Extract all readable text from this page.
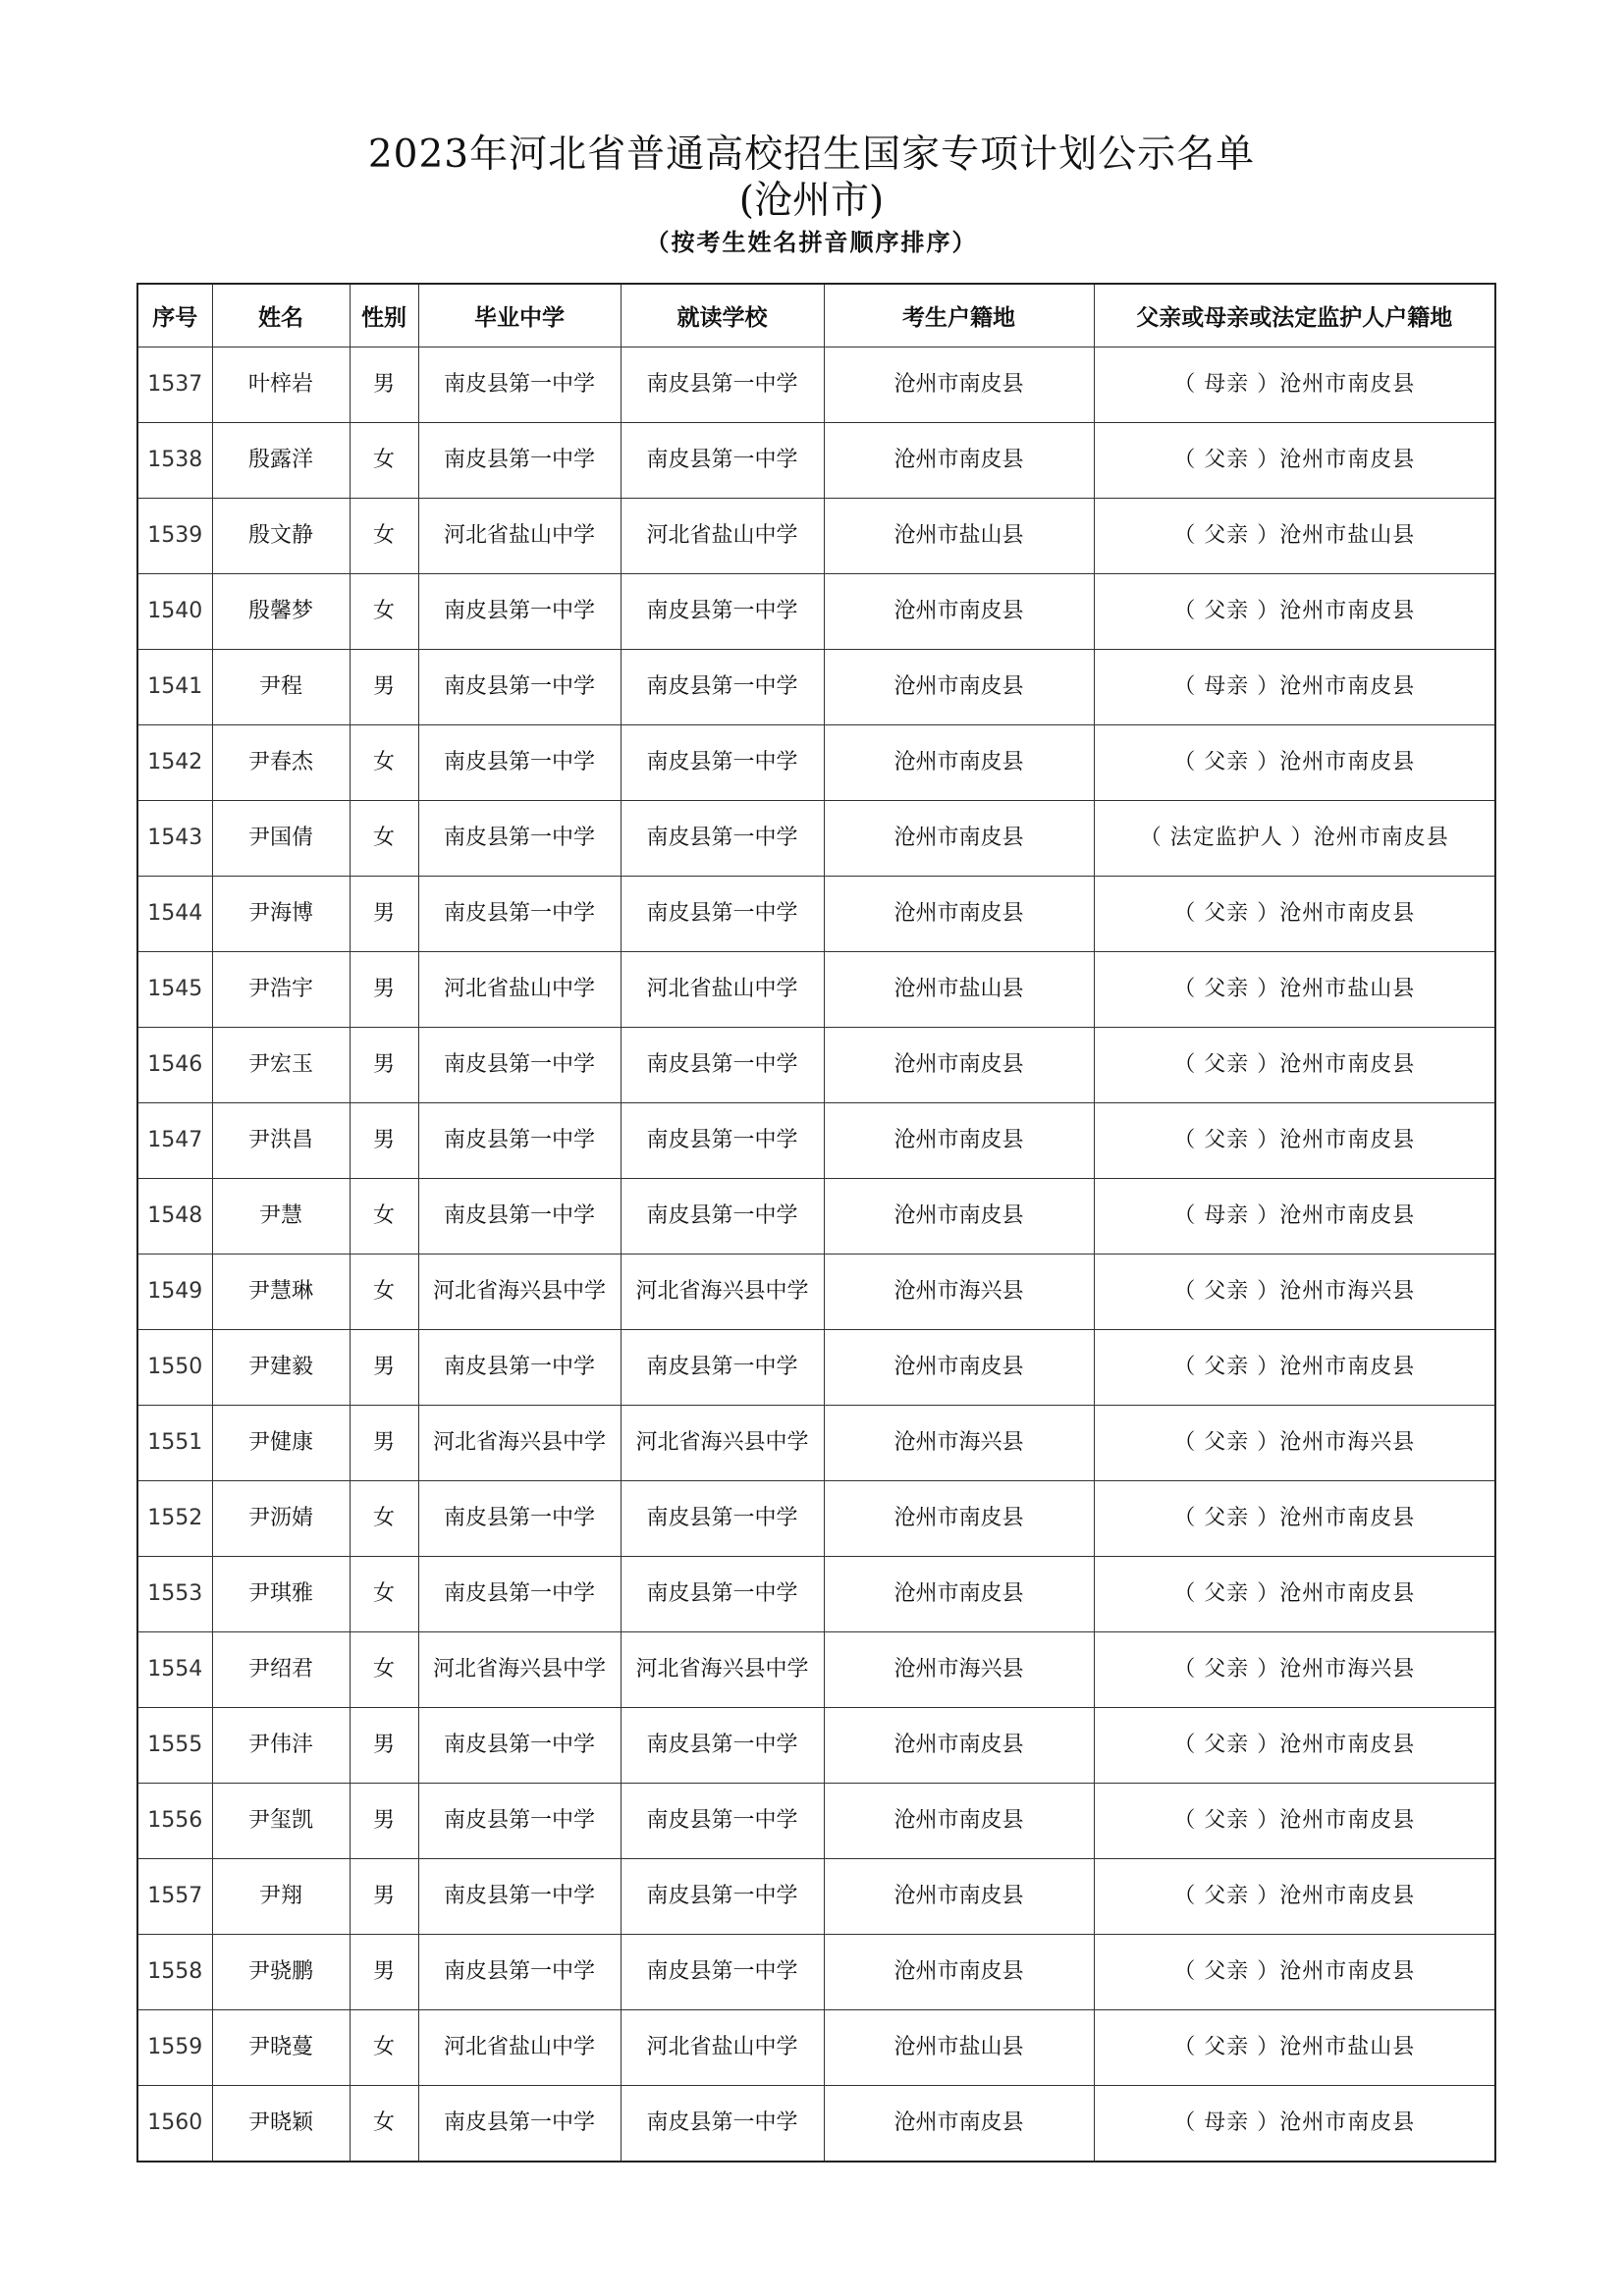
2023年河北省普通高校招生国家专项计划公示名单
(沧州市)
（按考生姓名拼音顺序排序）
序号	姓名	性别	毕业中学	就读学校	考生户籍地	父亲或母亲或法定监护人户籍地
1537	叶梓岩	男	南皮县第一中学	南皮县第一中学	沧州市南皮县	（ 母亲 ）沧州市南皮县
1538	殷露洋	女	南皮县第一中学	南皮县第一中学	沧州市南皮县	（ 父亲 ）沧州市南皮县
1539	殷文静	女	河北省盐山中学	河北省盐山中学	沧州市盐山县	（ 父亲 ）沧州市盐山县
1540	殷馨梦	女	南皮县第一中学	南皮县第一中学	沧州市南皮县	（ 父亲 ）沧州市南皮县
1541	尹程	男	南皮县第一中学	南皮县第一中学	沧州市南皮县	（ 母亲 ）沧州市南皮县
1542	尹春杰	女	南皮县第一中学	南皮县第一中学	沧州市南皮县	（ 父亲 ）沧州市南皮县
1543	尹国倩	女	南皮县第一中学	南皮县第一中学	沧州市南皮县	（ 法定监护人 ）沧州市南皮县
1544	尹海博	男	南皮县第一中学	南皮县第一中学	沧州市南皮县	（ 父亲 ）沧州市南皮县
1545	尹浩宇	男	河北省盐山中学	河北省盐山中学	沧州市盐山县	（ 父亲 ）沧州市盐山县
1546	尹宏玉	男	南皮县第一中学	南皮县第一中学	沧州市南皮县	（ 父亲 ）沧州市南皮县
1547	尹洪昌	男	南皮县第一中学	南皮县第一中学	沧州市南皮县	（ 父亲 ）沧州市南皮县
1548	尹慧	女	南皮县第一中学	南皮县第一中学	沧州市南皮县	（ 母亲 ）沧州市南皮县
1549	尹慧琳	女	河北省海兴县中学	河北省海兴县中学	沧州市海兴县	（ 父亲 ）沧州市海兴县
1550	尹建毅	男	南皮县第一中学	南皮县第一中学	沧州市南皮县	（ 父亲 ）沧州市南皮县
1551	尹健康	男	河北省海兴县中学	河北省海兴县中学	沧州市海兴县	（ 父亲 ）沧州市海兴县
1552	尹沥婧	女	南皮县第一中学	南皮县第一中学	沧州市南皮县	（ 父亲 ）沧州市南皮县
1553	尹琪雅	女	南皮县第一中学	南皮县第一中学	沧州市南皮县	（ 父亲 ）沧州市南皮县
1554	尹绍君	女	河北省海兴县中学	河北省海兴县中学	沧州市海兴县	（ 父亲 ）沧州市海兴县
1555	尹伟沣	男	南皮县第一中学	南皮县第一中学	沧州市南皮县	（ 父亲 ）沧州市南皮县
1556	尹玺凯	男	南皮县第一中学	南皮县第一中学	沧州市南皮县	（ 父亲 ）沧州市南皮县
1557	尹翔	男	南皮县第一中学	南皮县第一中学	沧州市南皮县	（ 父亲 ）沧州市南皮县
1558	尹骁鹏	男	南皮县第一中学	南皮县第一中学	沧州市南皮县	（ 父亲 ）沧州市南皮县
1559	尹晓蔓	女	河北省盐山中学	河北省盐山中学	沧州市盐山县	（ 父亲 ）沧州市盐山县
1560	尹晓颖	女	南皮县第一中学	南皮县第一中学	沧州市南皮县	（ 母亲 ）沧州市南皮县
